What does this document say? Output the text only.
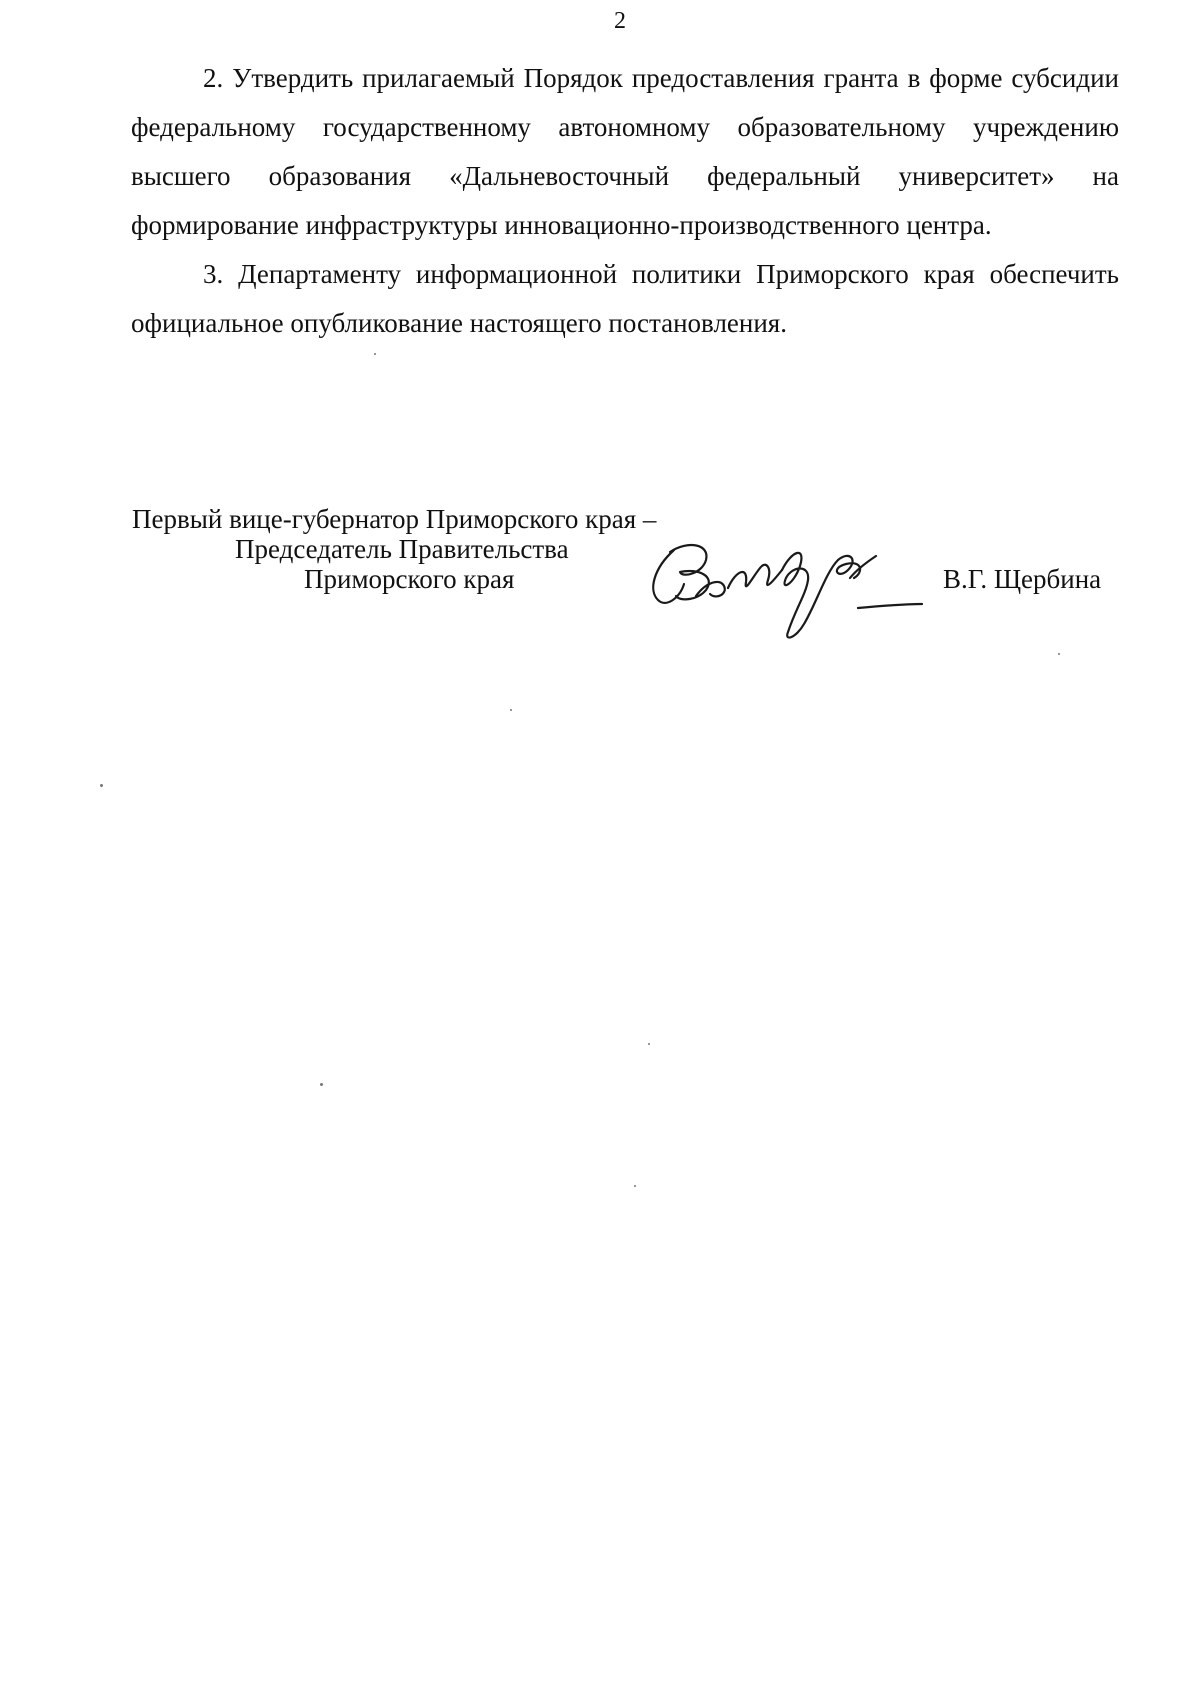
2

2. Утвердить прилагаемый Порядок предоставления гранта в форме субсидии федеральному государственному автономному образовательному учреждению высшего образования «Дальневосточный федеральный университет» на формирование инфраструктуры инновационно-производственного центра.

3. Департаменту информационной политики Приморского края обеспечить официальное опубликование настоящего постановления.

Первый вице-губернатор Приморского края –
Председатель Правительства
Приморского края	В.Г. Щербина
